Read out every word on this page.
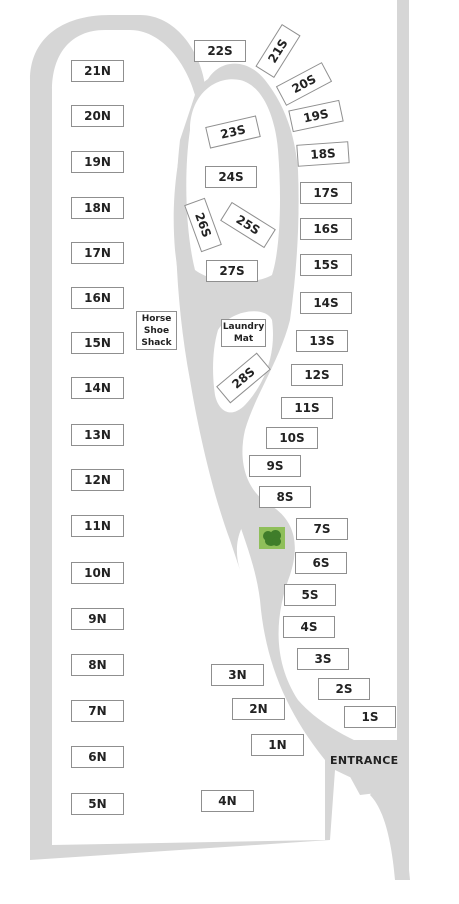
21N
20N
19N
18N
17N
16N
15N
14N
13N
12N
11N
10N
9N
8N
7N
6N
5N	4N
3N
2N
1N
Horse
Shoe
Shack
Laundry
Mat
28S
27S
26S	25S
24S
23S
22S	21S
20S
19S
18S
17S
16S
15S
14S
13S
12S
11S
10S
9S
8S
7S
6S
5S
4S
3S
2S
1S
ENTRANCE
